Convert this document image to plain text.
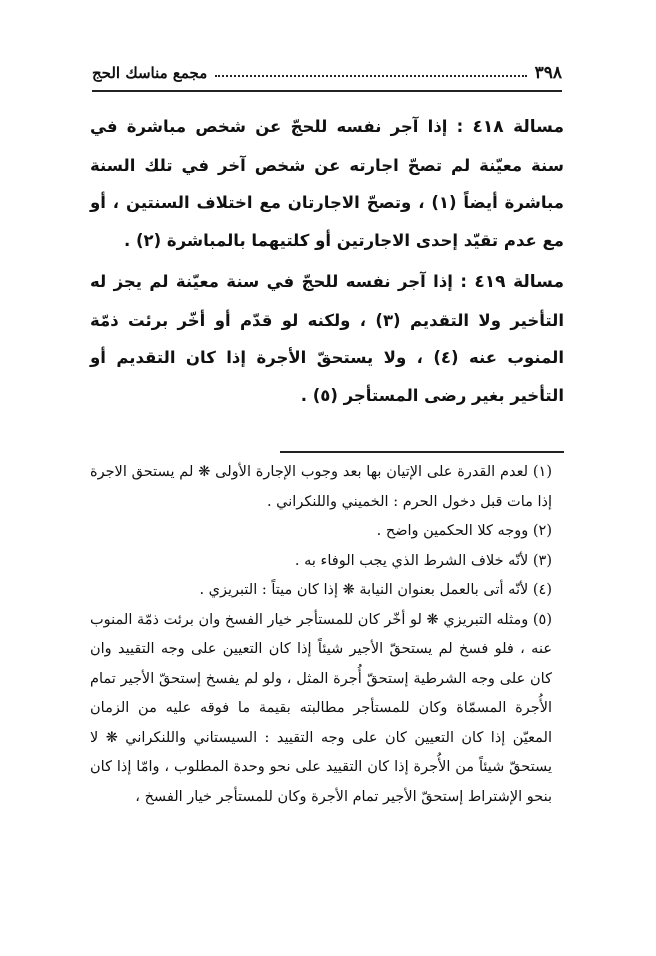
٣٩٨
مجمع مناسك الحج

مسالة ٤١٨ : إذا آجر نفسه للحجّ عن شخص مباشرة في سنة معيّنة لم تصحّ اجارته عن شخص آخر في تلك السنة مباشرة أيضاً (١) ، وتصحّ الاجارتان مع اختلاف السنتين ، أو مع عدم تقيّد إحدى الاجارتين أو كلتيهما بالمباشرة (٢) .

مسالة ٤١٩ : إذا آجر نفسه للحجّ في سنة معيّنة لم يجز له التأخير ولا التقديم (٣) ، ولكنه لو قدّم أو أخّر برئت ذمّة المنوب عنه (٤) ، ولا يستحقّ الأجرة إذا كان التقديم أو التأخير بغير رضى المستأجر (٥) .

(١) لعدم القدرة على الإتيان بها بعد وجوب الإجارة الأولى ❋ لم يستحق الاجرة إذا مات قبل دخول الحرم : الخميني واللنكراني .

(٢) ووجه كلا الحكمين واضح .

(٣) لأنّه خلاف الشرط الذي يجب الوفاء به .

(٤) لأنّه أتى بالعمل بعنوان النيابة ❋ إذا كان ميتاً : التبريزي .

(٥) ومثله التبريزي ❋ لو أخّر كان للمستأجر خيار الفسخ وان برئت ذمّة المنوب عنه ، فلو فسخ لم يستحقّ الأجير شيئاً إذا كان التعيين على وجه التقييد وان كان على وجه الشرطية إستحقّ أُجرة المثل ، ولو لم يفسخ إستحقّ الأجير تمام الأُجرة المسمّاة وكان للمستأجر مطالبته بقيمة ما فوقه عليه من الزمان المعيّن إذا كان التعيين كان على وجه التقييد : السيستاني واللنكراني ❋ لا يستحقّ شيئاً من الأُجرة إذا كان التقييد على نحو وحدة المطلوب ، وامّا إذا كان بنحو الإشتراط إستحقّ الأجير تمام الأجرة وكان للمستأجر خيار الفسخ ،
